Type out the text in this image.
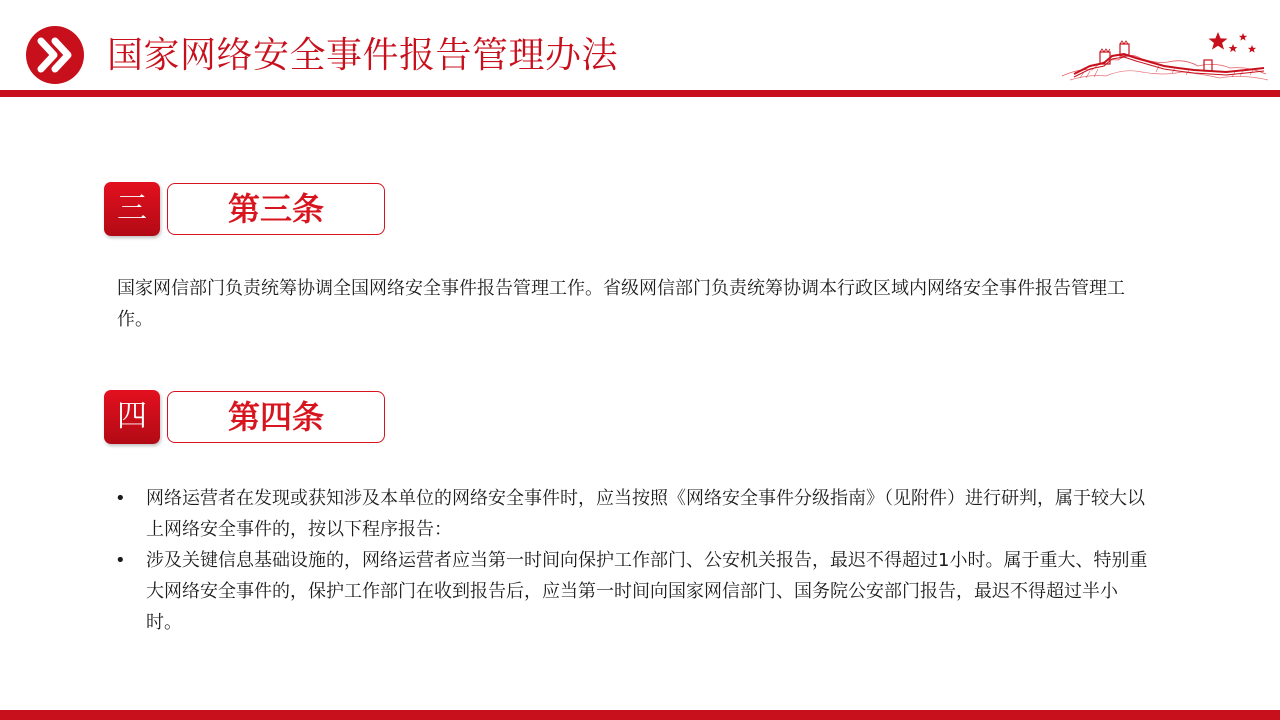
国家网络安全事件报告管理办法
三	第三条
国家网信部门负责统筹协调全国网络安全事件报告管理工作。省级网信部门负责统筹协调本行政区域内网络安全事件报告管理工作。
四	第四条
• 网络运营者在发现或获知涉及本单位的网络安全事件时，应当按照《网络安全事件分级指南》（见附件）进行研判，属于较大以上网络安全事件的，按以下程序报告：
• 涉及关键信息基础设施的，网络运营者应当第一时间向保护工作部门、公安机关报告，最迟不得超过1小时。属于重大、特别重大网络安全事件的，保护工作部门在收到报告后，应当第一时间向国家网信部门、国务院公安部门报告，最迟不得超过半小时。
